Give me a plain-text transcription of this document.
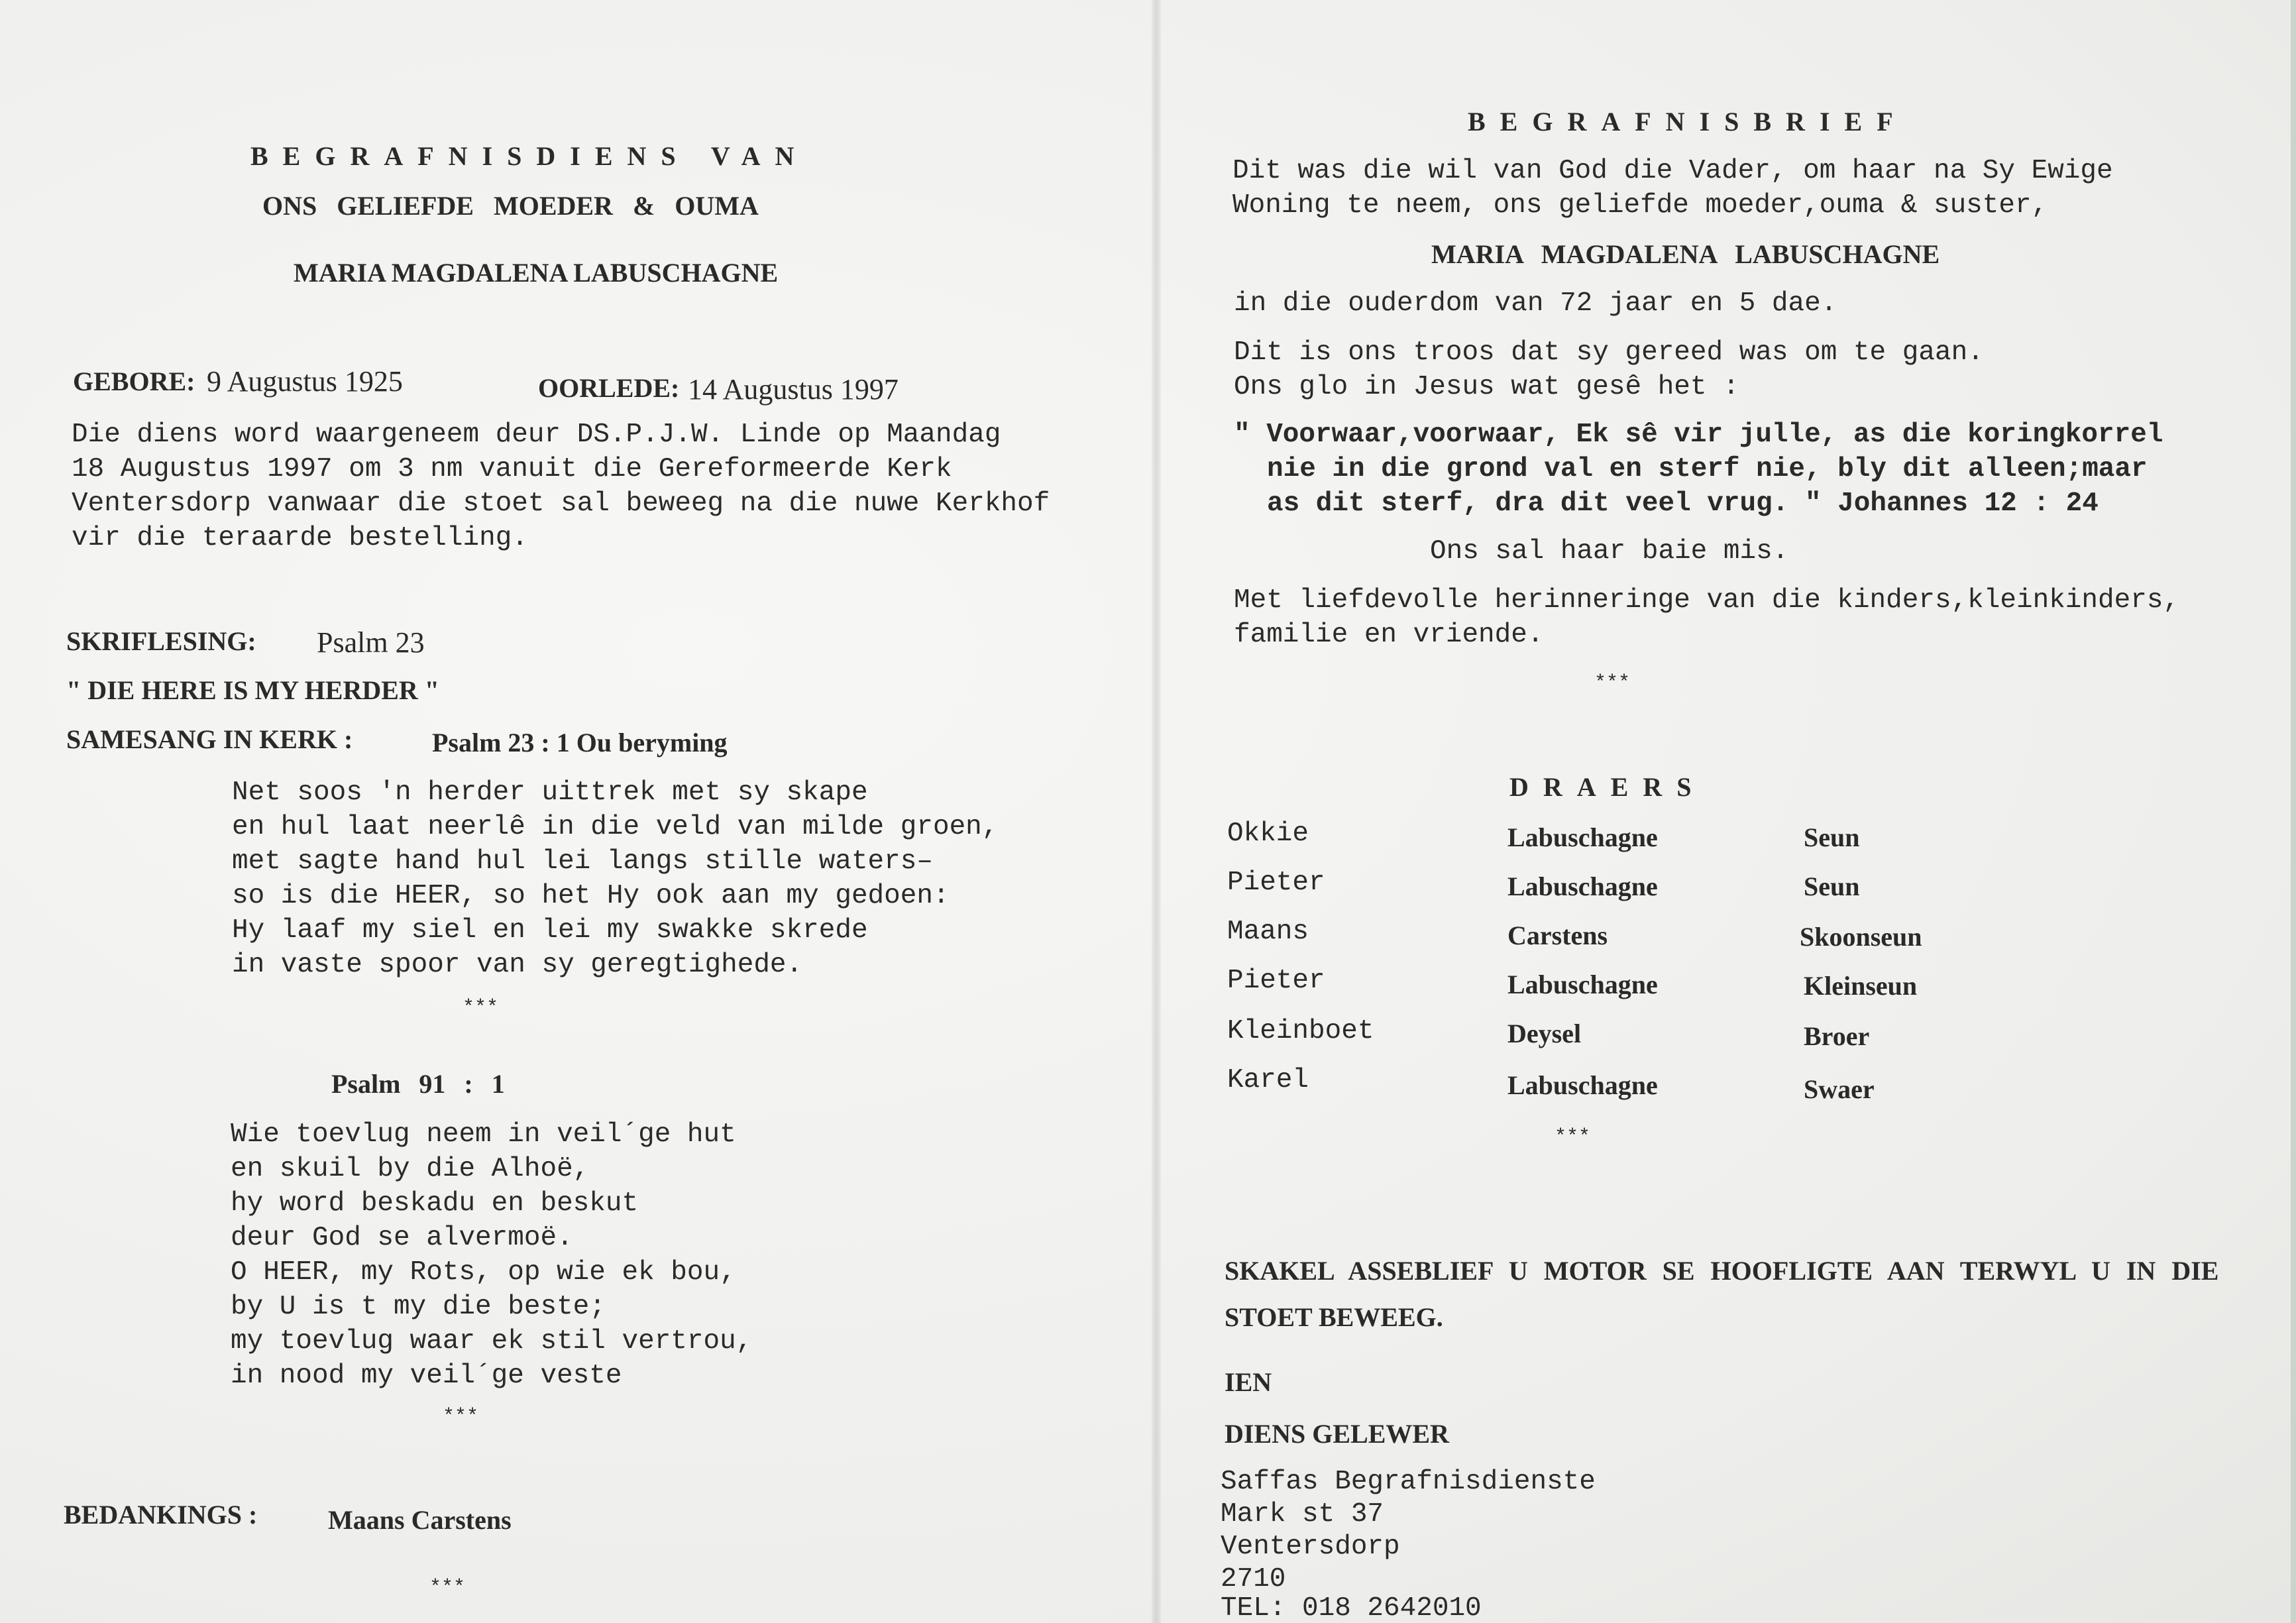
BEGRAFNISDIENS VAN
ONS GELIEFDE MOEDER & OUMA
MARIA MAGDALENA LABUSCHAGNE
GEBORE: 9 Augustus 1925	OORLEDE: 14 Augustus 1997
Die diens word waargeneem deur DS.P.J.W. Linde op Maandag
18 Augustus 1997 om 3 nm vanuit die Gereformeerde Kerk
Ventersdorp vanwaar die stoet sal beweeg na die nuwe Kerkhof
vir die teraarde bestelling.
SKRIFLESING: Psalm 23
" DIE HERE IS MY HERDER "
SAMESANG IN KERK :	Psalm 23 : 1 Ou beryming
Net soos 'n herder uittrek met sy skape
en hul laat neerlê in die veld van milde groen,
met sagte hand hul lei langs stille waters–
so is die HEER, so het Hy ook aan my gedoen:
Hy laaf my siel en lei my swakke skrede
in vaste spoor van sy geregtighede.
***
Psalm 91 : 1
Wie toevlug neem in veil´ge hut
en skuil by die Alhoë,
hy word beskadu en beskut
deur God se alvermoë.
O HEER, my Rots, op wie ek bou,
by U is t my die beste;
my toevlug waar ek stil vertrou,
in nood my veil´ge veste
***
BEDANKINGS :	Maans Carstens
***
BEGRAFNISBRIEF
Dit was die wil van God die Vader, om haar na Sy Ewige
Woning te neem, ons geliefde moeder,ouma & suster,
MARIA MAGDALENA LABUSCHAGNE
in die ouderdom van 72 jaar en 5 dae.
Dit is ons troos dat sy gereed was om te gaan.
Ons glo in Jesus wat gesê het :
" Voorwaar,voorwaar, Ek sê vir julle, as die koringkorrel
nie in die grond val en sterf nie, bly dit alleen;maar
as dit sterf, dra dit veel vrug. " Johannes 12 : 24
Ons sal haar baie mis.
Met liefdevolle herinneringe van die kinders,kleinkinders,
familie en vriende.
***
DRAERS
Okkie	Labuschagne	Seun
Pieter	Labuschagne	Seun
Maans	Carstens	Skoonseun
Pieter	Labuschagne	Kleinseun
Kleinboet	Deysel	Broer
Karel	Labuschagne	Swaer
***
SKAKEL ASSEBLIEF U MOTOR SE HOOFLIGTE AAN TERWYL U IN DIE
STOET BEWEEG.
IEN
DIENS GELEWER
Saffas Begrafnisdienste
Mark st 37
Ventersdorp
2710
TEL: 018 2642010
